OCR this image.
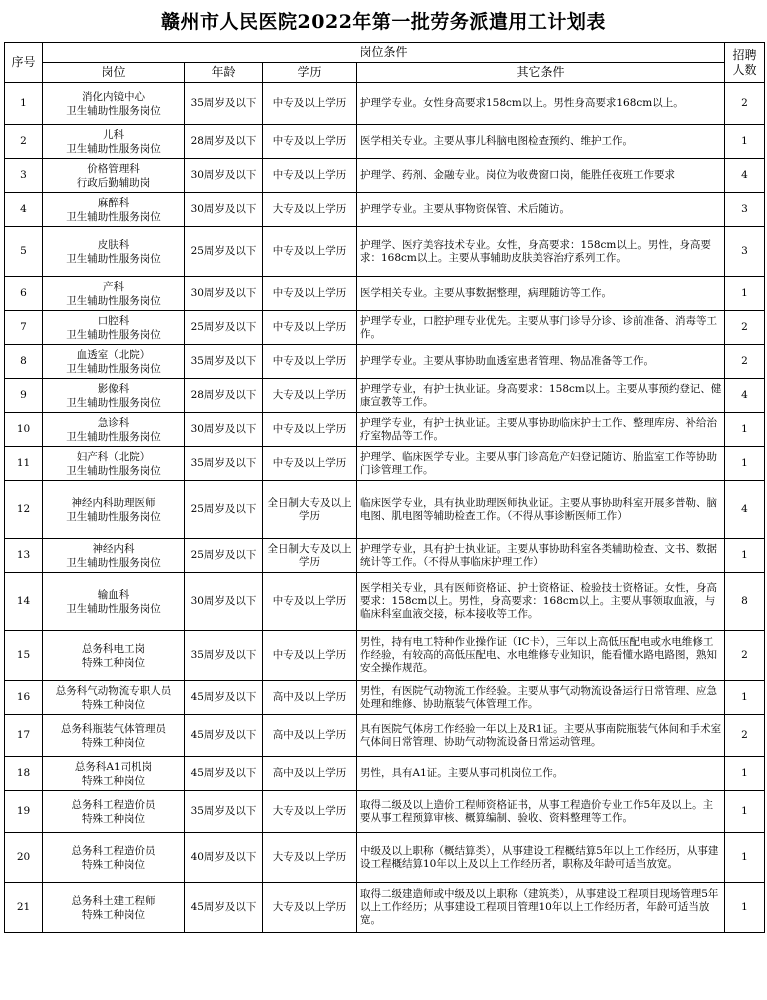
赣州市人民医院2022年第一批劳务派遣用工计划表
序号	岗位条件				招聘人数
	岗位	年龄	学历	其它条件	
1	消化内镜中心
卫生辅助性服务岗位	35周岁及以下	中专及以上学历	护理学专业。女性身高要求158cm以上。男性身高要求168cm以上。	2
2	儿科
卫生辅助性服务岗位	28周岁及以下	中专及以上学历	医学相关专业。主要从事儿科脑电图检查预约、维护工作。	1
3	价格管理科
行政后勤辅助岗	30周岁及以下	中专及以上学历	护理学、药剂、金融专业。岗位为收费窗口岗，能胜任夜班工作要求	4
4	麻醉科
卫生辅助性服务岗位	30周岁及以下	大专及以上学历	护理学专业。主要从事物资保管、术后随访。	3
5	皮肤科
卫生辅助性服务岗位	25周岁及以下	中专及以上学历	护理学、医疗美容技术专业。女性，身高要求：158cm以上。男性，身高要求：168cm以上。主要从事辅助皮肤美容治疗系列工作。	3
6	产科
卫生辅助性服务岗位	30周岁及以下	中专及以上学历	医学相关专业。主要从事数据整理，病理随访等工作。	1
7	口腔科
卫生辅助性服务岗位	25周岁及以下	中专及以上学历	护理学专业，口腔护理专业优先。主要从事门诊导分诊、诊前准备、消毒等工作。	2
8	血透室（北院）
卫生辅助性服务岗位	35周岁及以下	中专及以上学历	护理学专业。主要从事协助血透室患者管理、物品准备等工作。	2
9	影像科
卫生辅助性服务岗位	28周岁及以下	大专及以上学历	护理学专业，有护士执业证。身高要求：158cm以上。主要从事预约登记、健康宣教等工作。	4
10	急诊科
卫生辅助性服务岗位	30周岁及以下	中专及以上学历	护理学专业，有护士执业证。主要从事协助临床护士工作、整理库房、补给治疗室物品等工作。	1
11	妇产科（北院）
卫生辅助性服务岗位	35周岁及以下	中专及以上学历	护理学、临床医学专业。主要从事门诊高危产妇登记随访、胎监室工作等协助门诊管理工作。	1
12	神经内科助理医师
卫生辅助性服务岗位	25周岁及以下	全日制大专及以上学历	临床医学专业，具有执业助理医师执业证。主要从事协助科室开展多普勒、脑电图、肌电图等辅助检查工作。（不得从事诊断医师工作）	4
13	神经内科
卫生辅助性服务岗位	25周岁及以下	全日制大专及以上学历	护理学专业，具有护士执业证。主要从事协助科室各类辅助检查、文书、数据统计等工作。（不得从事临床护理工作）	1
14	输血科
卫生辅助性服务岗位	30周岁及以下	中专及以上学历	医学相关专业，具有医师资格证、护士资格证、检验技士资格证。女性，身高要求：158cm以上。男性，身高要求：168cm以上。主要从事领取血液，与临床科室血液交接，标本接收等工作。	8
15	总务科电工岗
特殊工种岗位	35周岁及以下	中专及以上学历	男性，持有电工特种作业操作证（IC卡），三年以上高低压配电或水电维修工作经验，有较高的高低压配电、水电维修专业知识，能看懂水路电路图，熟知安全操作规范。	2
16	总务科气动物流专职人员
特殊工种岗位	45周岁及以下	高中及以上学历	男性，有医院气动物流工作经验。主要从事气动物流设备运行日常管理、应急处理和维修、协助瓶装气体管理工作。	1
17	总务科瓶装气体管理员
特殊工种岗位	45周岁及以下	高中及以上学历	具有医院气体房工作经验一年以上及R1证。主要从事南院瓶装气体间和手术室气体间日常管理、协助气动物流设备日常运动管理。	2
18	总务科A1司机岗
特殊工种岗位	45周岁及以下	高中及以上学历	男性，具有A1证。主要从事司机岗位工作。	1
19	总务科工程造价员
特殊工种岗位	35周岁及以下	大专及以上学历	取得二级及以上造价工程师资格证书，从事工程造价专业工作5年及以上。主要从事工程预算审核、概算编制、验收、资料整理等工作。	1
20	总务科工程造价员
特殊工种岗位	40周岁及以下	大专及以上学历	中级及以上职称（概结算类），从事建设工程概结算5年以上工作经历，从事建设工程概结算10年以上及以上工作经历者，职称及年龄可适当放宽。	1
21	总务科土建工程师
特殊工种岗位	45周岁及以下	大专及以上学历	取得二级建造师或中级及以上职称（建筑类），从事建设工程项目现场管理5年以上工作经历；从事建设工程项目管理10年以上工作经历者，年龄可适当放宽。	1
